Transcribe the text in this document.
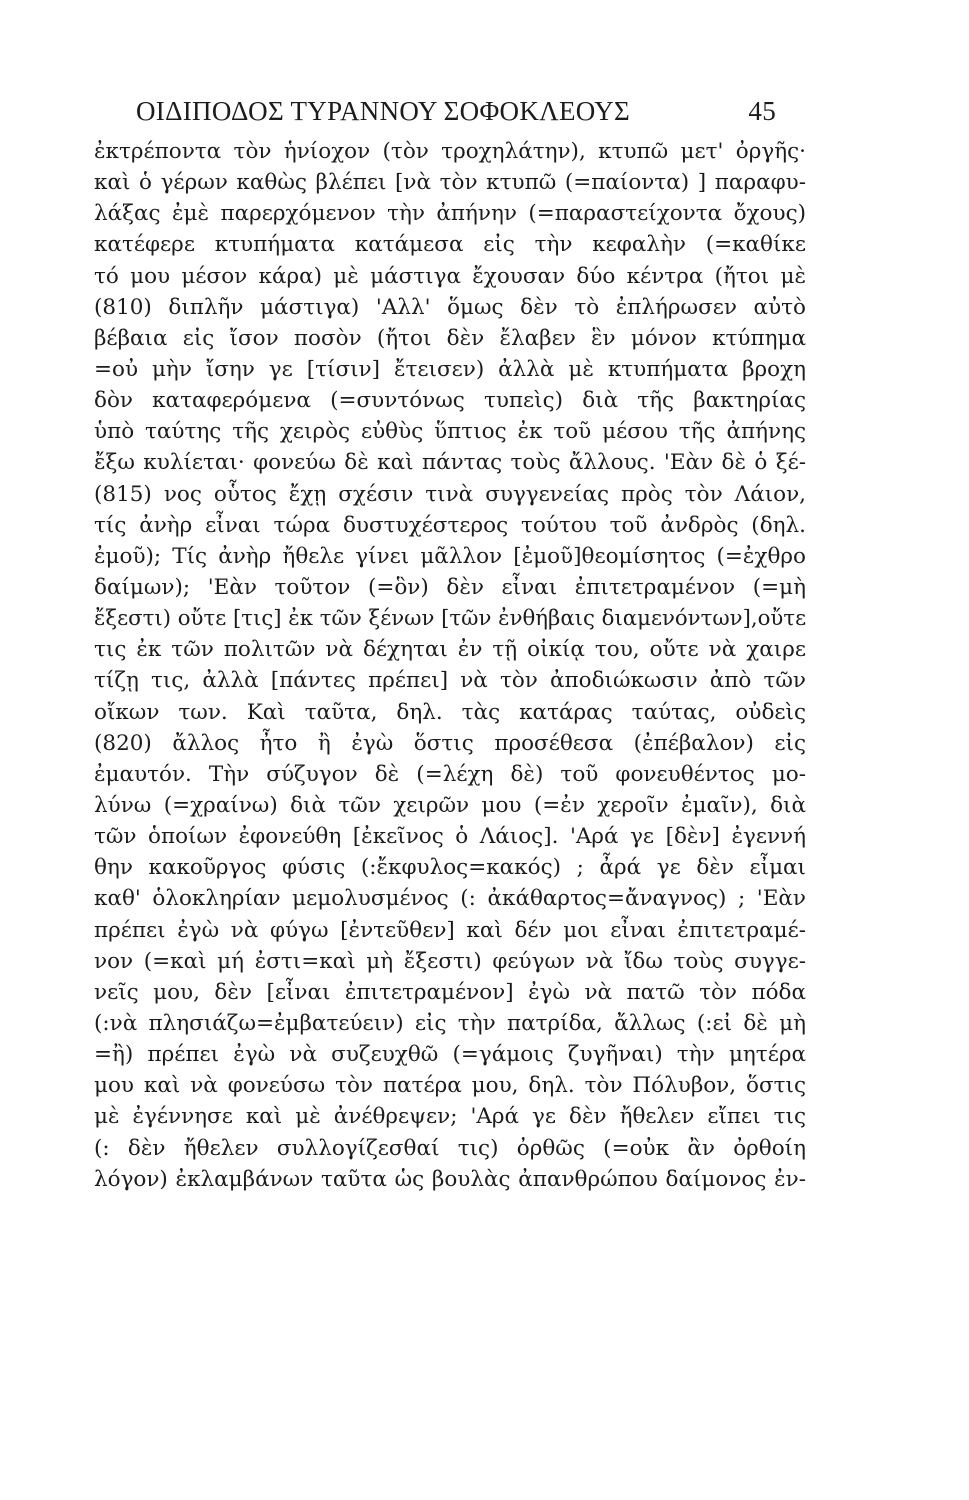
ΟΙΔΙΠΟΔΟΣ ΤΥΡΑΝΝΟΥ ΣΟΦΟΚΛΕΟΥΣ	45
ἐκτρέποντα τὸν ἡνίοχον (τὸν τροχηλάτην), κτυπῶ μετ' ὀργῆς·
καὶ ὁ γέρων καθὼς βλέπει [νὰ τὸν κτυπῶ (=παίοντα) ] παραφυ-
λάξας ἐμὲ παρερχόμενον τὴν ἀπήνην (=παραστείχοντα ὄχους)
κατέφερε κτυπήματα κατάμεσα εἰς τὴν κεφαλὴν (=καθίκε
τό μου μέσον κάρα) μὲ μάστιγα ἔχουσαν δύο κέντρα (ἤτοι μὲ
(810) διπλῆν μάστιγα) 'Αλλ' ὅμως δὲν τὸ ἐπλήρωσεν αὐτὸ
βέβαια εἰς ἴσον ποσὸν (ἤτοι δὲν ἔλαβεν ἓν μόνον κτύπημα
=οὐ μὴν ἴσην γε [τίσιν] ἔτεισεν) ἀλλὰ μὲ κτυπήματα βροχη
δὸν καταφερόμενα (=συντόνως τυπεὶς) διὰ τῆς βακτηρίας
ὑπὸ ταύτης τῆς χειρὸς εὐθὺς ὕπτιος ἐκ τοῦ μέσου τῆς ἀπήνης
ἔξω κυλίεται· φονεύω δὲ καὶ πάντας τοὺς ἄλλους. 'Εὰν δὲ ὁ ξέ-
(815) νος οὗτος ἔχῃ σχέσιν τινὰ συγγενείας πρὸς τὸν Λάιον,
τίς ἀνὴρ εἶναι τώρα δυστυχέστερος τούτου τοῦ ἀνδρὸς (δηλ.
ἐμοῦ); Τίς ἀνὴρ ἤθελε γίνει μᾶλλον [ἐμοῦ]θεομίσητος (=ἐχθρο
δαίμων); 'Εὰν τοῦτον (=ὃν) δὲν εἶναι ἐπιτετραμένον (=μὴ
ἔξεστι) οὔτε [τις] ἐκ τῶν ξένων [τῶν ἐνθήβαις διαμενόντων],οὔτε
τις ἐκ τῶν πολιτῶν νὰ δέχηται ἐν τῇ οἰκίᾳ του, οὔτε νὰ χαιρε
τίζῃ τις, ἀλλὰ [πάντες πρέπει] νὰ τὸν ἀποδιώκωσιν ἀπὸ τῶν
οἴκων των. Καὶ ταῦτα, δηλ. τὰς κατάρας ταύτας, οὐδεὶς
(820) ἄλλος ἦτο ἢ ἐγὼ ὅστις προσέθεσα (ἐπέβαλον) εἰς
ἐμαυτόν. Τὴν σύζυγον δὲ (=λέχη δὲ) τοῦ φονευθέντος μο-
λύνω (=χραίνω) διὰ τῶν χειρῶν μου (=ἐν χεροῖν ἐμαῖν), διὰ
τῶν ὁποίων ἐφονεύθη [ἐκεῖνος ὁ Λάιος]. 'Αρά γε [δὲν] ἐγεννή
θην κακοῦργος φύσις (:ἔκφυλος=κακός) ; ἆρά γε δὲν εἶμαι
καθ' ὁλοκληρίαν μεμολυσμένος (: ἀκάθαρτος=ἄναγνος) ; 'Εὰν
πρέπει ἐγὼ νὰ φύγω [ἐντεῦθεν] καὶ δέν μοι εἶναι ἐπιτετραμέ-
νον (=καὶ μή ἐστι=καὶ μὴ ἔξεστι) φεύγων νὰ ἴδω τοὺς συγγε-
νεῖς μου, δὲν [εἶναι ἐπιτετραμένον] ἐγὼ νὰ πατῶ τὸν πόδα
(:νὰ πλησιάζω=ἐμβατεύειν) εἰς τὴν πατρίδα, ἄλλως (:εἰ δὲ μὴ
=ἢ) πρέπει ἐγὼ νὰ συζευχθῶ (=γάμοις ζυγῆναι) τὴν μητέρα
μου καὶ νὰ φονεύσω τὸν πατέρα μου, δηλ. τὸν Πόλυβον, ὅστις
μὲ ἐγέννησε καὶ μὲ ἀνέθρεψεν; 'Αρά γε δὲν ἤθελεν εἴπει τις
(: δὲν ἤθελεν συλλογίζεσθαί τις) ὀρθῶς (=οὐκ ἂν ὀρθοίη
λόγον) ἐκλαμβάνων ταῦτα ὡς βουλὰς ἀπανθρώπου δαίμονος ἐν-
